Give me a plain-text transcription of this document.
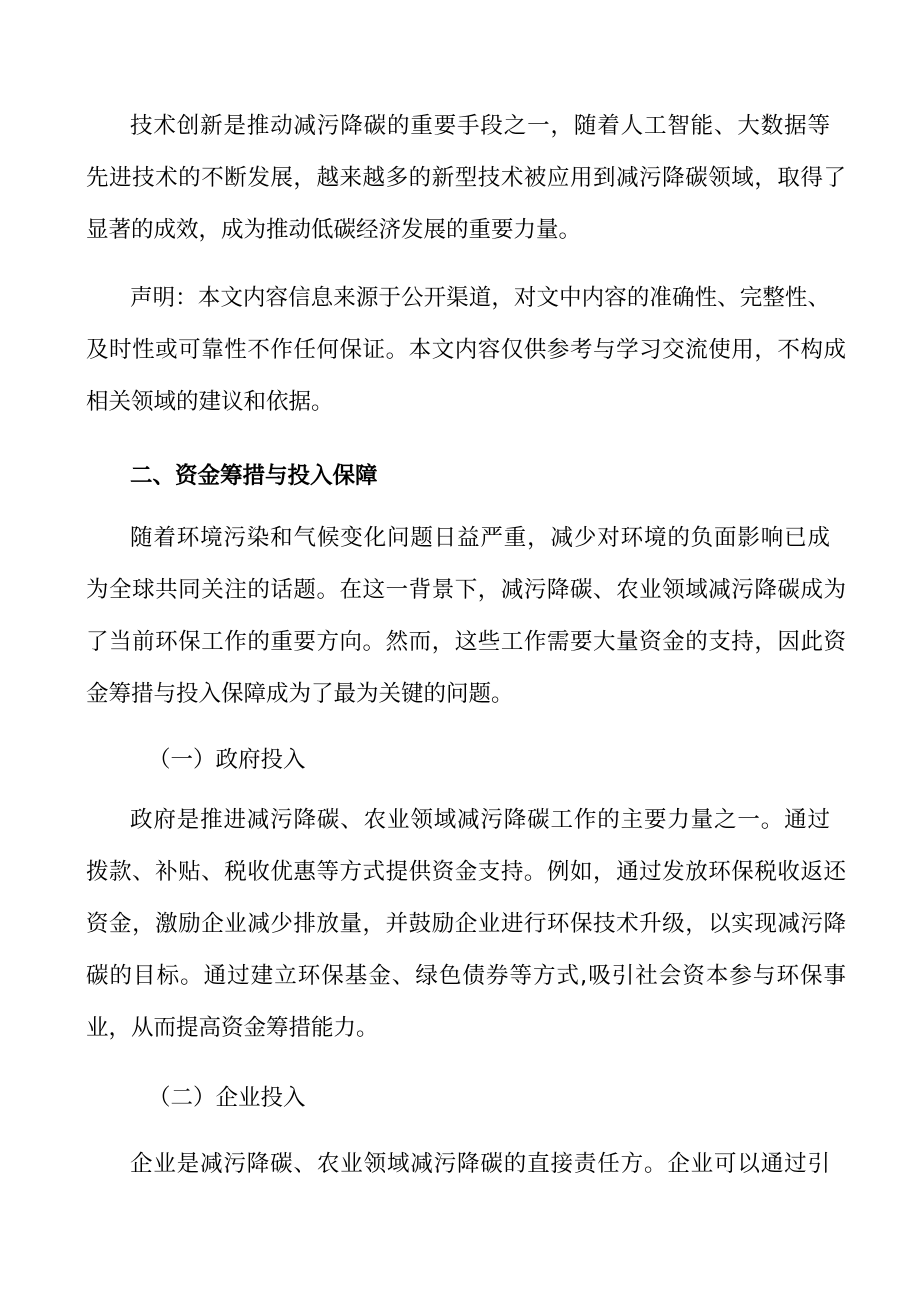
技术创新是推动减污降碳的重要手段之一，随着人工智能、大数据等
先进技术的不断发展，越来越多的新型技术被应用到减污降碳领域，取得了
显著的成效，成为推动低碳经济发展的重要力量。
声明：本文内容信息来源于公开渠道，对文中内容的准确性、完整性、
及时性或可靠性不作任何保证。本文内容仅供参考与学习交流使用，不构成
相关领域的建议和依据。
二、资金筹措与投入保障
随着环境污染和气候变化问题日益严重，减少对环境的负面影响已成
为全球共同关注的话题。在这一背景下，减污降碳、农业领域减污降碳成为
了当前环保工作的重要方向。然而，这些工作需要大量资金的支持，因此资
金筹措与投入保障成为了最为关键的问题。
（一）政府投入
政府是推进减污降碳、农业领域减污降碳工作的主要力量之一。通过
拨款、补贴、税收优惠等方式提供资金支持。例如，通过发放环保税收返还
资金，激励企业减少排放量，并鼓励企业进行环保技术升级，以实现减污降
碳的目标。通过建立环保基金、绿色债券等方式,吸引社会资本参与环保事
业，从而提高资金筹措能力。
（二）企业投入
企业是减污降碳、农业领域减污降碳的直接责任方。企业可以通过引
